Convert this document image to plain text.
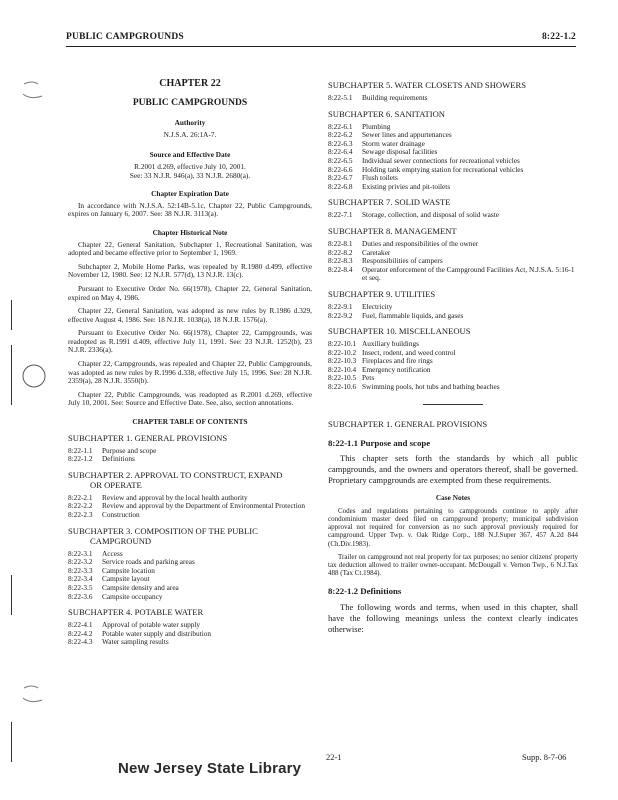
PUBLIC CAMPGROUNDS	8:22-1.2
CHAPTER 22
PUBLIC CAMPGROUNDS
Authority

N.J.S.A. 26:1A-7.

Source and Effective Date

R.2001 d.269, effective July 10, 2001.

See: 33 N.J.R. 946(a), 33 N.J.R. 2680(a).

Chapter Expiration Date

In accordance with N.J.S.A. 52:14B-5.1c, Chapter 22, Public Campgrounds, expires on January 6, 2007. See: 38 N.J.R. 3113(a).

Chapter Historical Note

Chapter 22, General Sanitation, Subchapter 1, Recreational Sanitation, was adopted and became effective prior to September 1, 1969.

Subchapter 2, Mobile Home Parks, was repealed by R.1980 d.499, effective November 12, 1980. See: 12 N.J.R. 577(d), 13 N.J.R. 13(c).

Pursuant to Executive Order No. 66(1978), Chapter 22, General Sanitation, expired on May 4, 1986.

Chapter 22, General Sanitation, was adopted as new rules by R.1986 d.329, effective August 4, 1986. See: 18 N.J.R. 1038(a), 18 N.J.R. 1576(a).

Pursuant to Executive Order No. 66(1978), Chapter 22, Campgrounds, was readopted as R.1991 d.409, effective July 11, 1991. See: 23 N.J.R. 1252(b), 23 N.J.R. 2336(a).

Chapter 22, Campgrounds, was repealed and Chapter 22, Public Campgrounds, was adopted as new rules by R.1996 d.338, effective July 15, 1996. See: 28 N.J.R. 2359(a), 28 N.J.R. 3550(b).

Chapter 22, Public Campgrounds, was readopted as R.2001 d.269, effective July 10, 2001. See: Source and Effective Date. See, also, section annotations.

CHAPTER TABLE OF CONTENTS
SUBCHAPTER 1. GENERAL PROVISIONS
8:22-1.1	Purpose and scope
8:22-1.2	Definitions
SUBCHAPTER 2. APPROVAL TO CONSTRUCT, EXPAND
OR OPERATE
8:22-2.1	Review and approval by the local health authority
8:22-2.2	Review and approval by the Department of Environmental Protection
8:22-2.3	Construction
SUBCHAPTER 3. COMPOSITION OF THE PUBLIC
CAMPGROUND
8:22-3.1	Access
8:22-3.2	Service roads and parking areas
8:22-3.3	Campsite location
8:22-3.4	Campsite layout
8:22-3.5	Campsite density and area
8:22-3.6	Campsite occupancy
SUBCHAPTER 4. POTABLE WATER
8:22-4.1	Approval of potable water supply
8:22-4.2	Potable water supply and distribution
8:22-4.3	Water sampling results
SUBCHAPTER 5. WATER CLOSETS AND SHOWERS
8:22-5.1	Building requirements
SUBCHAPTER 6. SANITATION
8:22-6.1	Plumbing
8:22-6.2	Sewer lines and appurtenances
8:22-6.3	Storm water drainage
8:22-6.4	Sewage disposal facilities
8:22-6.5	Individual sewer connections for recreational vehicles
8:22-6.6	Holding tank emptying station for recreational vehicles
8:22-6.7	Flush toilets
8:22-6.8	Existing privies and pit-toilets
SUBCHAPTER 7. SOLID WASTE
8:22-7.1	Storage, collection, and disposal of solid waste
SUBCHAPTER 8. MANAGEMENT
8:22-8.1	Duties and responsibilities of the owner
8:22-8.2	Caretaker
8:22-8.3	Responsibilities of campers
8:22-8.4	Operator enforcement of the Campground Facilities Act, N.J.S.A. 5:16-1 et seq.
SUBCHAPTER 9. UTILITIES
8:22-9.1	Electricity
8:22-9.2	Fuel, flammable liquids, and gases
SUBCHAPTER 10. MISCELLANEOUS
8:22-10.1 Auxiliary buildings
8:22-10.2 Insect, rodent, and weed control
8:22-10.3 Fireplaces and fire rings
8:22-10.4 Emergency notification
8:22-10.5 Pets
8:22-10.6 Swimming pools, hot tubs and bathing beaches
SUBCHAPTER 1. GENERAL PROVISIONS
8:22-1.1 Purpose and scope

This chapter sets forth the standards by which all public campgrounds, and the owners and operators thereof, shall be governed. Proprietary campgrounds are exempted from these requirements.

Case Notes

Codes and regulations pertaining to campgrounds continue to apply after condominium master deed filed on campground property; municipal subdivision approval not required for conversion as no such approval previously required for campground. Upper Twp. v. Oak Ridge Corp., 188 N.J.Super 367, 457 A.2d 844 (Ch.Div.1983).

Trailer on campground not real property for tax purposes; no senior citizens' property tax deduction allowed to trailer owner-occupant. McDougall v. Vernon Twp., 6 N.J.Tax 488 (Tax Ct.1984).

8:22-1.2 Definitions

The following words and terms, when used in this chapter, shall have the following meanings unless the context clearly indicates otherwise:

22-1	Supp. 8-7-06
New Jersey State Library
